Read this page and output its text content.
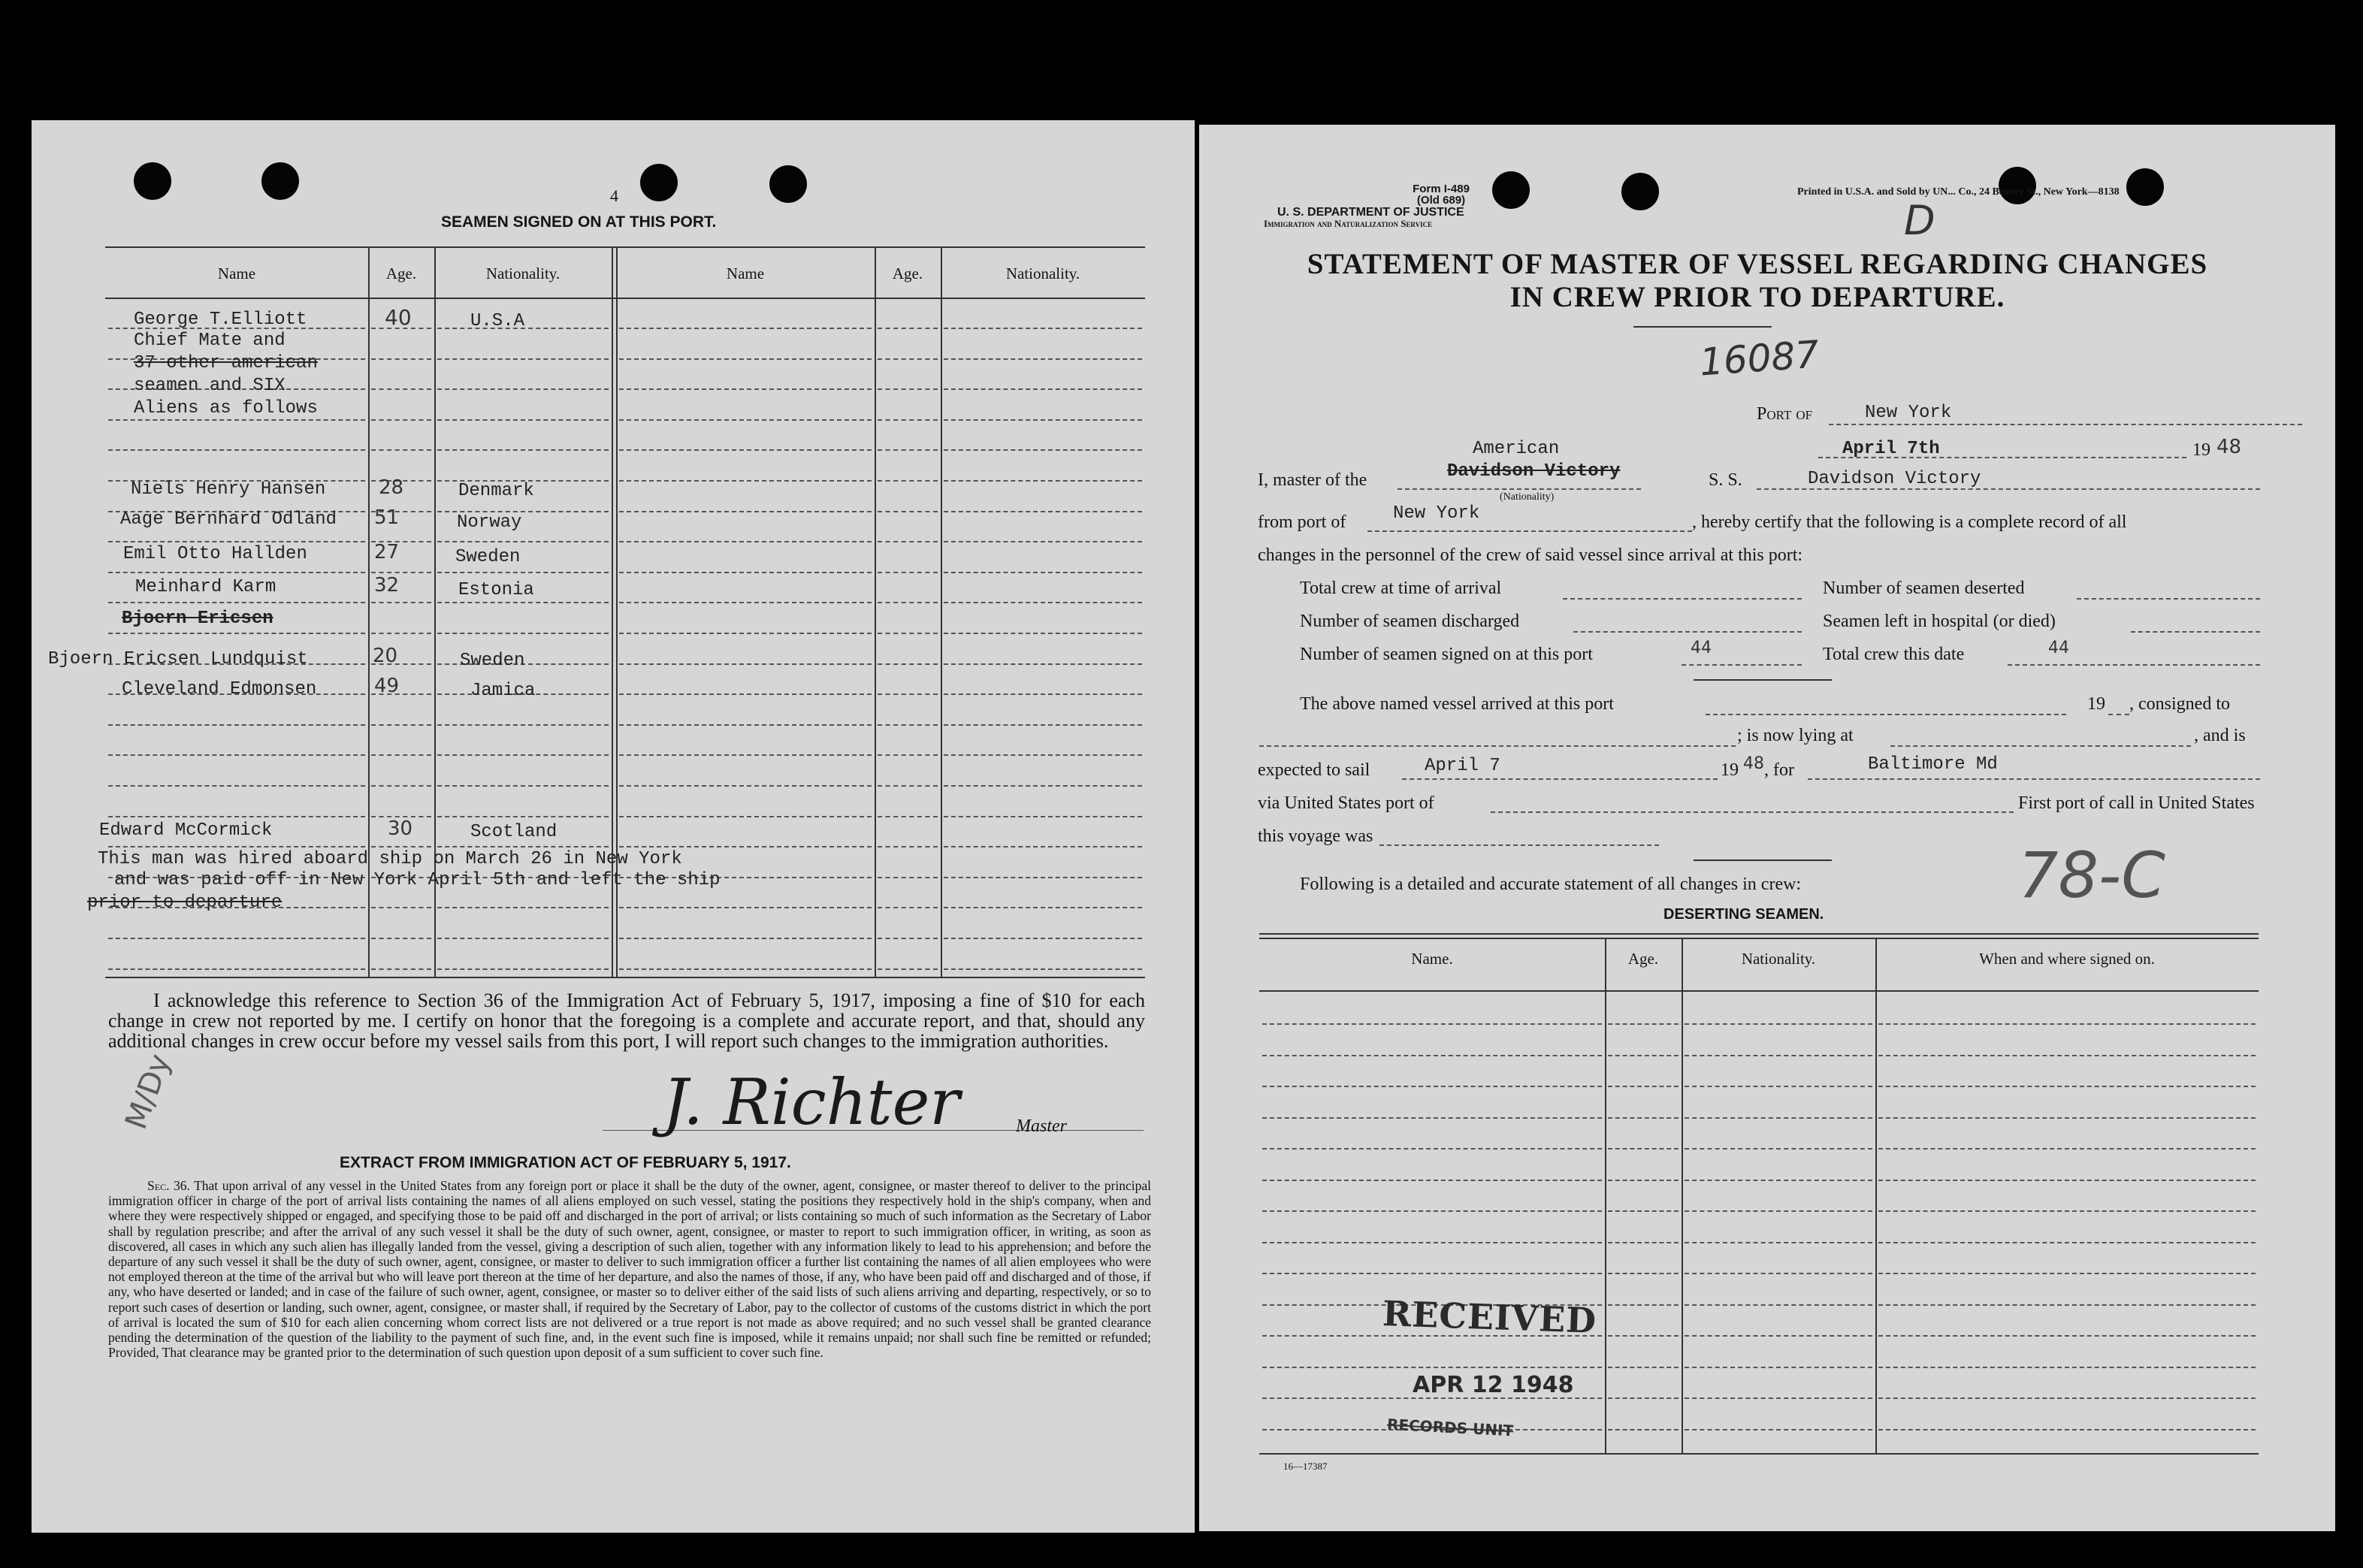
4
SEAMEN SIGNED ON AT THIS PORT.
Name	Age.	Nationality.	Name	Age.	Nationality.
George T.Elliott	40	U.S.A
Chief Mate and
37 other american
seamen and SIX
Aliens as follows
Niels Henry Hansen	28	Denmark
Aage Bernhard Odland 51	Norway
Emil Otto Hallden	27	Sweden
Meinhard Karm	32	Estonia
Bjoern Ericsen
Bjoern Ericsen Lundquist	20	Sweden
Cleveland Edmonsen	49	Jamica
Edward McCormick	30	Scotland
This man was hired aboard ship on March 26 in New York
and was paid off in New York April 5th and left the ship
prior to departure
I acknowledge this reference to Section 36 of the Immigration Act of February 5, 1917, imposing a fine of $10 for each change in crew not reported by me. I certify on honor that the foregoing is a complete and accurate report, and that, should any additional changes in crew occur before my vessel sails from this port, I will report such changes to the immigration authorities.
M/Dy	J. Richter	Master
EXTRACT FROM IMMIGRATION ACT OF FEBRUARY 5, 1917.
Sec. 36. That upon arrival of any vessel in the United States from any foreign port or place it shall be the duty of the owner, agent, consignee, or master thereof to deliver to the principal immigration officer in charge of the port of arrival lists containing the names of all aliens employed on such vessel, stating the positions they respectively hold in the ship's company, when and where they were respectively shipped or engaged, and specifying those to be paid off and discharged in the port of arrival; or lists containing so much of such information as the Secretary of Labor shall by regulation prescribe; and after the arrival of any such vessel it shall be the duty of such owner, agent, consignee, or master to report to such immigration officer, in writing, as soon as discovered, all cases in which any such alien has illegally landed from the vessel, giving a description of such alien, together with any information likely to lead to his apprehension; and before the departure of any such vessel it shall be the duty of such owner, agent, consignee, or master to deliver to such immigration officer a further list containing the names of all alien employees who were not employed thereon at the time of the arrival but who will leave port thereon at the time of her departure, and also the names of those, if any, who have been paid off and discharged and of those, if any, who have deserted or landed; and in case of the failure of such owner, agent, consignee, or master so to deliver either of the said lists of such aliens arriving and departing, respectively, or so to report such cases of desertion or landing, such owner, agent, consignee, or master shall, if required by the Secretary of Labor, pay to the collector of customs of the customs district in which the port of arrival is located the sum of $10 for each alien concerning whom correct lists are not delivered or a true report is not made as above required; and no such vessel shall be granted clearance pending the determination of the question of the liability to the payment of such fine, and, in the event such fine is imposed, while it remains unpaid; nor shall such fine be remitted or refunded; Provided, That clearance may be granted prior to the determination of such question upon deposit of a sum sufficient to cover such fine.
Form I-489
(Old 689)
U. S. DEPARTMENT OF JUSTICE
Immigration and Naturalization Service
Printed in U.S.A. and Sold by UN... Co., 24 Beaver St., New York—8138
D
STATEMENT OF MASTER OF VESSEL REGARDING CHANGES
IN CREW PRIOR TO DEPARTURE.
16087
Port of	New York
American	April 7th	19 48
I, master of the	Davidson Victory
(Nationality)
S. S.	Davidson Victory
from port of	New York	, hereby certify that the following is a complete record of all
changes in the personnel of the crew of said vessel since arrival at this port:
Total crew at time of arrival	Number of seamen deserted
Number of seamen discharged	Seamen left in hospital (or died)
Number of seamen signed on at this port	44	Total crew this date	44
The above named vessel arrived at this port	19 , consigned to
; is now lying at	, and is
expected to sail	April 7	19 48 , for	Baltimore Md
via United States port of	First port of call in United States
this voyage was
Following is a detailed and accurate statement of all changes in crew:	78-C
DESERTING SEAMEN.
Name.	Age.	Nationality.	When and where signed on.
RECEIVED
APR 12 1948
RECORDS UNIT
16—17387
